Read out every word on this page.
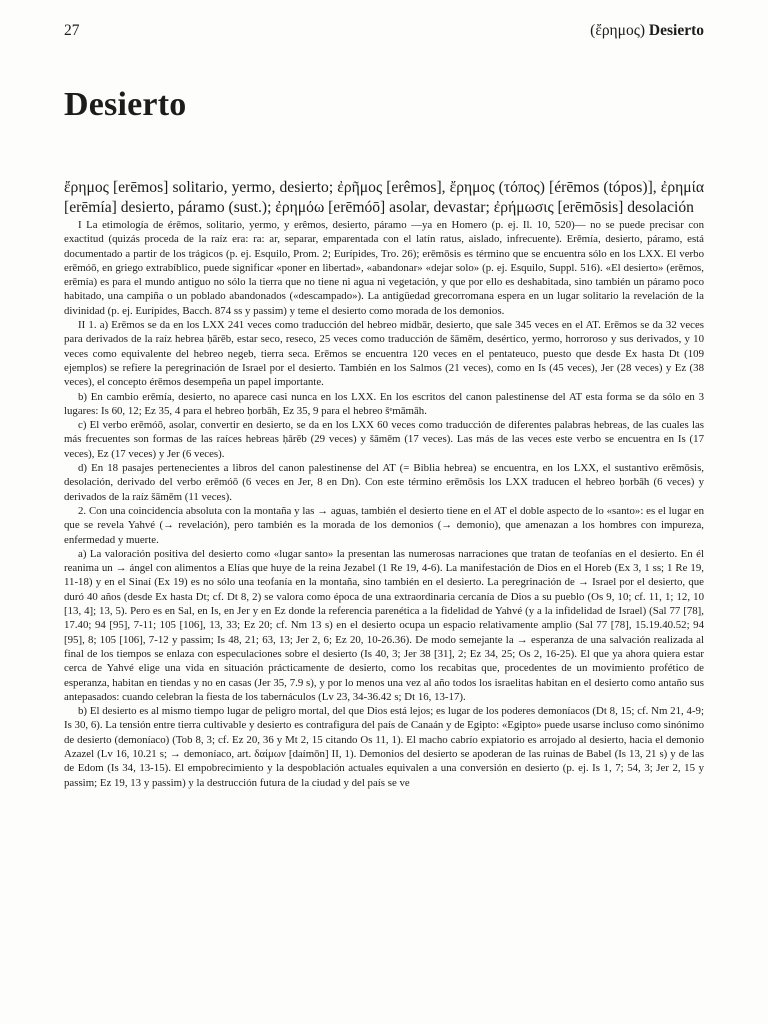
27	(ἔρημος) Desierto
Desierto

ἔρημος [erēmos] solitario, yermo, desierto; ἐρῆμος [erêmos], ἔρημος (τόπος) [érēmos (tópos)], ἐρημία [erēmía] desierto, páramo (sust.); ἐρημόω [erēmóō] asolar, devastar; ἐρήμωσις [erēmōsis] desolación

I La etimología de érēmos, solitario, yermo, y erêmos, desierto, páramo —ya en Homero (p. ej. Il. 10, 520)— no se puede precisar con exactitud (quizás proceda de la raíz era: ra: ar, separar, emparentada con el latín ratus, aislado, infrecuente). Erēmía, desierto, páramo, está documentado a partir de los trágicos (p. ej. Esquilo, Prom. 2; Eurípides, Tro. 26); erēmōsis es término que se encuentra sólo en los LXX. El verbo erēmóō, en griego extrabíblico, puede significar «poner en libertad», «abandonar» «dejar solo» (p. ej. Esquilo, Suppl. 516). «El desierto» (erēmos, erēmía) es para el mundo antiguo no sólo la tierra que no tiene ni agua ni vegetación, y que por ello es deshabitada, sino también un páramo poco habitado, una campiña o un poblado abandonados («descampado»). La antigüedad grecorromana espera en un lugar solitario la revelación de la divinidad (p. ej. Eurípides, Bacch. 874 ss y passim) y teme el desierto como morada de los demonios.

II 1. a) Erēmos se da en los LXX 241 veces como traducción del hebreo midbār, desierto, que sale 345 veces en el AT. Erēmos se da 32 veces para derivados de la raíz hebrea ḥārēb, estar seco, reseco, 25 veces como traducción de šāmēm, desértico, yermo, horroroso y sus derivados, y 10 veces como equivalente del hebreo negeb, tierra seca. Erēmos se encuentra 120 veces en el pentateuco, puesto que desde Ex hasta Dt (109 ejemplos) se refiere la peregrinación de Israel por el desierto. También en los Salmos (21 veces), como en Is (45 veces), Jer (28 veces) y Ez (38 veces), el concepto érēmos desempeña un papel importante.

b) En cambio erēmía, desierto, no aparece casi nunca en los LXX. En los escritos del canon palestinense del AT esta forma se da sólo en 3 lugares: Is 60, 12; Ez 35, 4 para el hebreo ḥorbāh, Ez 35, 9 para el hebreo šᵉmāmāh.

c) El verbo erēmóō, asolar, convertir en desierto, se da en los LXX 60 veces como traducción de diferentes palabras hebreas, de las cuales las más frecuentes son formas de las raíces hebreas ḥārēb (29 veces) y šāmēm (17 veces). Las más de las veces este verbo se encuentra en Is (17 veces), Ez (17 veces) y Jer (6 veces).

d) En 18 pasajes pertenecientes a libros del canon palestinense del AT (= Biblia hebrea) se encuentra, en los LXX, el sustantivo erēmōsis, desolación, derivado del verbo erēmóō (6 veces en Jer, 8 en Dn). Con este término erēmōsis los LXX traducen el hebreo ḥorbāh (6 veces) y derivados de la raíz šāmēm (11 veces).

2. Con una coincidencia absoluta con la montaña y las → aguas, también el desierto tiene en el AT el doble aspecto de lo «santo»: es el lugar en que se revela Yahvé (→ revelación), pero también es la morada de los demonios (→ demonio), que amenazan a los hombres con impureza, enfermedad y muerte.

a) La valoración positiva del desierto como «lugar santo» la presentan las numerosas narraciones que tratan de teofanías en el desierto. En él reanima un → ángel con alimentos a Elías que huye de la reina Jezabel (1 Re 19, 4-6). La manifestación de Dios en el Horeb (Ex 3, 1 ss; 1 Re 19, 11-18) y en el Sinaí (Ex 19) es no sólo una teofanía en la montaña, sino también en el desierto. La peregrinación de → Israel por el desierto, que duró 40 años (desde Ex hasta Dt; cf. Dt 8, 2) se valora como época de una extraordinaria cercanía de Dios a su pueblo (Os 9, 10; cf. 11, 1; 12, 10 [13, 4]; 13, 5). Pero es en Sal, en Is, en Jer y en Ez donde la referencia parenética a la fidelidad de Yahvé (y a la infidelidad de Israel) (Sal 77 [78], 17.40; 94 [95], 7-11; 105 [106], 13, 33; Ez 20; cf. Nm 13 s) en el desierto ocupa un espacio relativamente amplio (Sal 77 [78], 15.19.40.52; 94 [95], 8; 105 [106], 7-12 y passim; Is 48, 21; 63, 13; Jer 2, 6; Ez 20, 10-26.36). De modo semejante la → esperanza de una salvación realizada al final de los tiempos se enlaza con especulaciones sobre el desierto (Is 40, 3; Jer 38 [31], 2; Ez 34, 25; Os 2, 16-25). El que ya ahora quiera estar cerca de Yahvé elige una vida en situación prácticamente de desierto, como los recabitas que, procedentes de un movimiento profético de esperanza, habitan en tiendas y no en casas (Jer 35, 7.9 s), y por lo menos una vez al año todos los israelitas habitan en el desierto como antaño sus antepasados: cuando celebran la fiesta de los tabernáculos (Lv 23, 34-36.42 s; Dt 16, 13-17).

b) El desierto es al mismo tiempo lugar de peligro mortal, del que Dios está lejos; es lugar de los poderes demoníacos (Dt 8, 15; cf. Nm 21, 4-9; Is 30, 6). La tensión entre tierra cultivable y desierto es contrafigura del país de Canaán y de Egipto: «Egipto» puede usarse incluso como sinónimo de desierto (demoníaco) (Tob 8, 3; cf. Ez 20, 36 y Mt 2, 15 citando Os 11, 1). El macho cabrío expiatorio es arrojado al desierto, hacia el demonio Azazel (Lv 16, 10.21 s; → demoníaco, art. δαίμων [daímōn] II, 1). Demonios del desierto se apoderan de las ruinas de Babel (Is 13, 21 s) y de las de Edom (Is 34, 13-15). El empobrecimiento y la despoblación actuales equivalen a una conversión en desierto (p. ej. Is 1, 7; 54, 3; Jer 2, 15 y passim; Ez 19, 13 y passim) y la destrucción futura de la ciudad y del país se ve
